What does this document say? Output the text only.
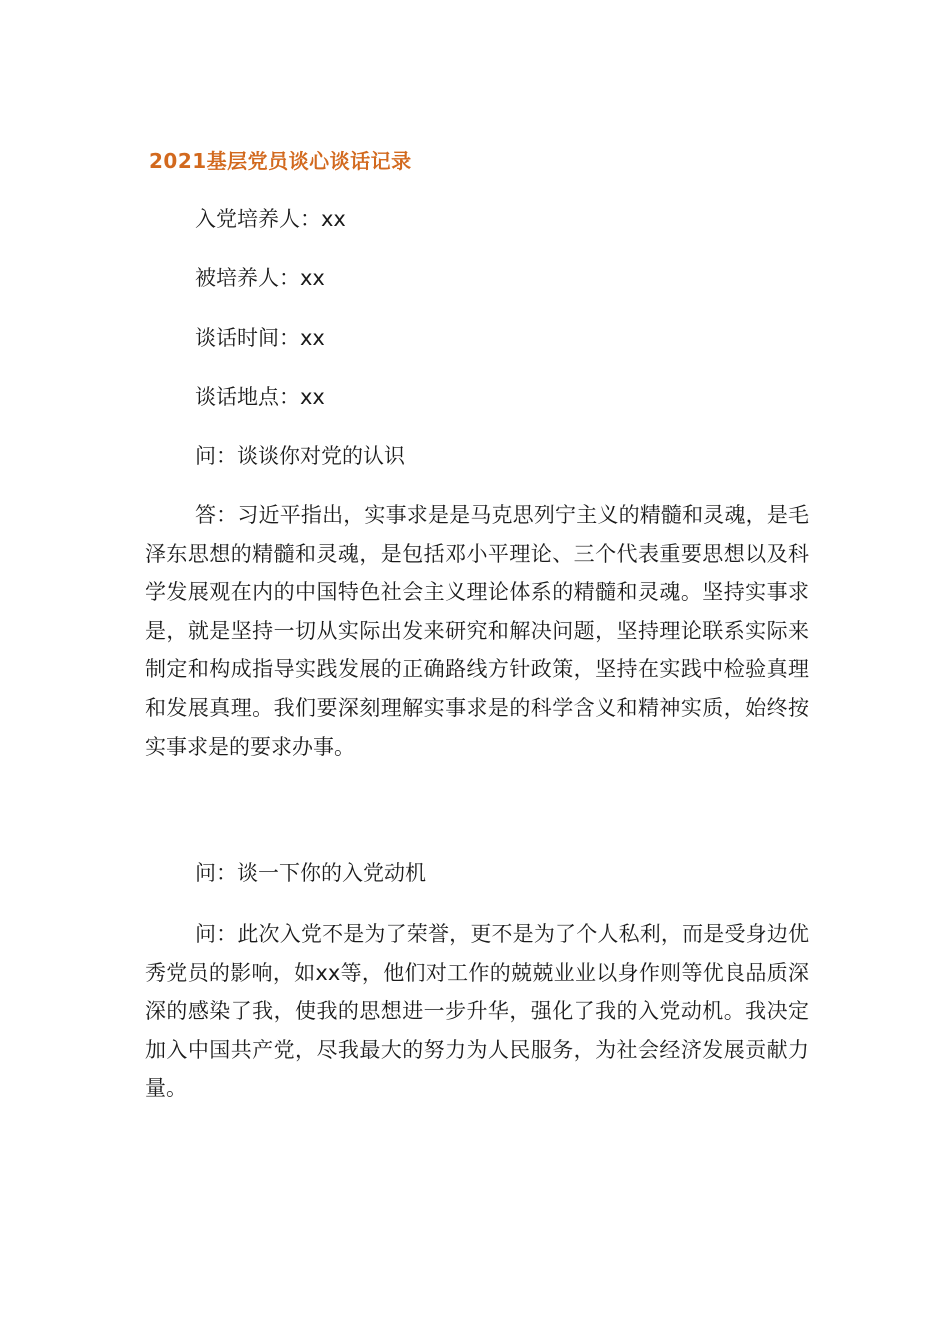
2021基层党员谈心谈话记录

入党培养人：xx

被培养人：xx

谈话时间：xx

谈话地点：xx

问：谈谈你对党的认识

答：习近平指出，实事求是是马克思列宁主义的精髓和灵魂，是毛泽东思想的精髓和灵魂，是包括邓小平理论、三个代表重要思想以及科学发展观在内的中国特色社会主义理论体系的精髓和灵魂。坚持实事求是，就是坚持一切从实际出发来研究和解决问题，坚持理论联系实际来制定和构成指导实践发展的正确路线方针政策，坚持在实践中检验真理和发展真理。我们要深刻理解实事求是的科学含义和精神实质，始终按实事求是的要求办事。

问：谈一下你的入党动机

问：此次入党不是为了荣誉，更不是为了个人私利，而是受身边优秀党员的影响，如xx等，他们对工作的兢兢业业以身作则等优良品质深深的感染了我，使我的思想进一步升华，强化了我的入党动机。我决定加入中国共产党，尽我最大的努力为人民服务，为社会经济发展贡献力量。
